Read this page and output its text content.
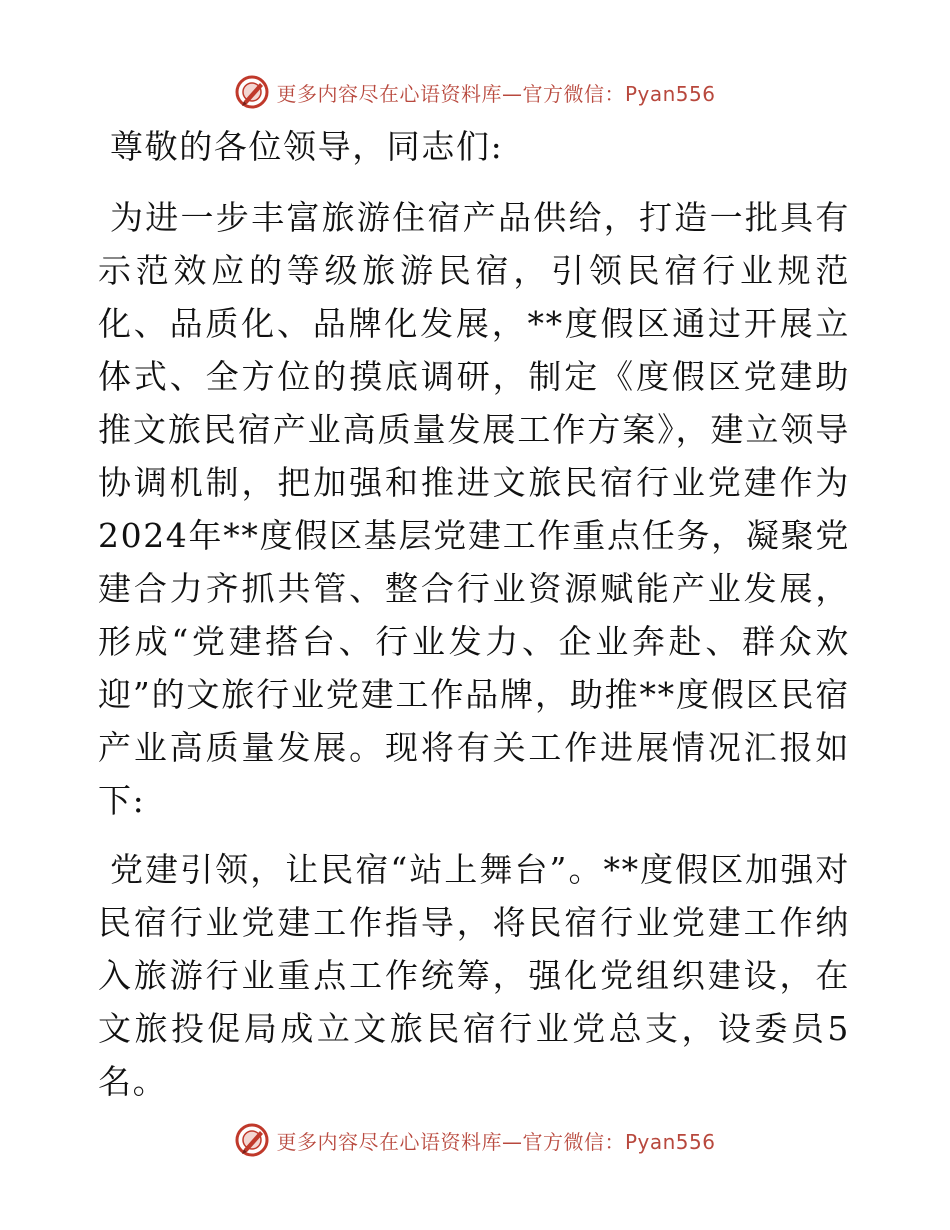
更多内容尽在心语资料库—官方微信：Pyan556

尊敬的各位领导，同志们:

为进一步丰富旅游住宿产品供给，打造一批具有示范效应的等级旅游民宿，引领民宿行业规范化、品质化、品牌化发展，**度假区通过开展立体式、全方位的摸底调研，制定《度假区党建助推文旅民宿产业高质量发展工作方案》，建立领导协调机制，把加强和推进文旅民宿行业党建作为2024年**度假区基层党建工作重点任务，凝聚党建合力齐抓共管、整合行业资源赋能产业发展，形成“党建搭台、行业发力、企业奔赴、群众欢迎”的文旅行业党建工作品牌，助推**度假区民宿产业高质量发展。现将有关工作进展情况汇报如下:

党建引领，让民宿“站上舞台”。**度假区加强对民宿行业党建工作指导，将民宿行业党建工作纳入旅游行业重点工作统筹，强化党组织建设，在文旅投促局成立文旅民宿行业党总支，设委员5名。

更多内容尽在心语资料库—官方微信：Pyan556
